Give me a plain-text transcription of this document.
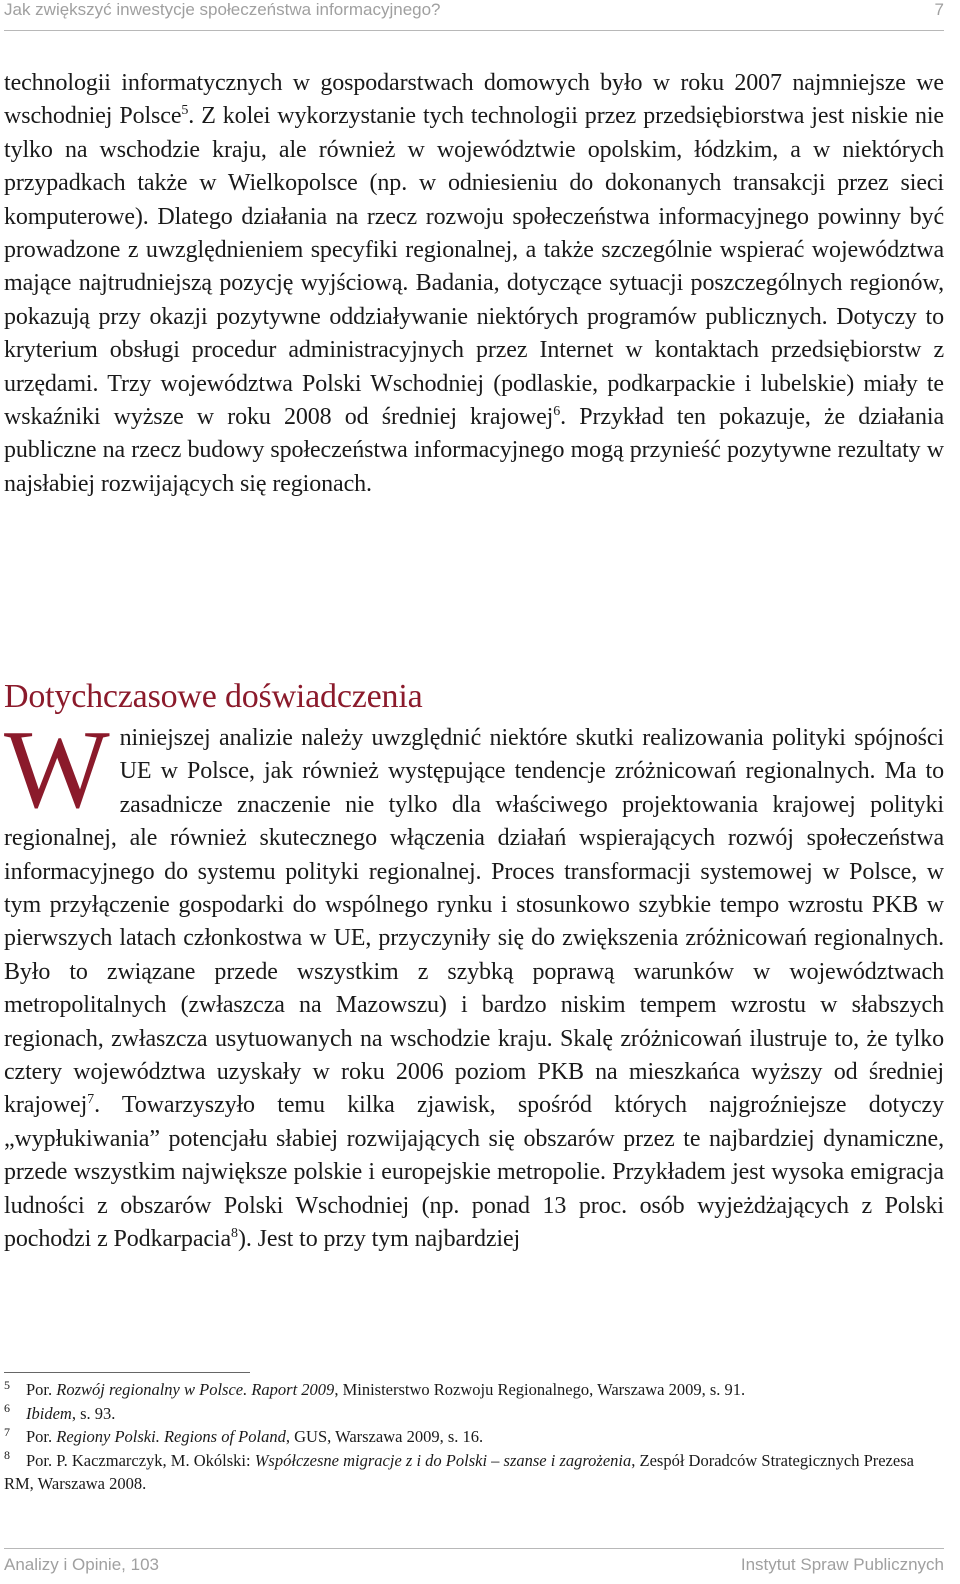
Jak zwiększyć inwestycje społeczeństwa informacyjnego?	7
technologii informatycznych w gospodarstwach domowych było w roku 2007 najmniejsze we wschodniej Polsce$^5$. Z kolei wykorzystanie tych technologii przez przedsiębiorstwa jest niskie nie tylko na wschodzie kraju, ale również w województwie opolskim, łódzkim, a w niektórych przypadkach także w Wielkopolsce (np. w odniesieniu do dokonanych transakcji przez sieci komputerowe). Dlatego działania na rzecz rozwoju społeczeństwa informacyjnego powinny być prowadzone z uwzględnieniem specyfiki regionalnej, a także szczególnie wspierać województwa mające najtrudniejszą pozycję wyjściową. Badania, dotyczące sytuacji poszczególnych regionów, pokazują przy okazji pozytywne oddziaływanie niektórych programów publicznych. Dotyczy to kryterium obsługi procedur administracyjnych przez Internet w kontaktach przedsiębiorstw z urzędami. Trzy województwa Polski Wschodniej (podlaskie, podkarpackie i lubelskie) miały te wskaźniki wyższe w roku 2008 od średniej krajowej$^6$. Przykład ten pokazuje, że działania publiczne na rzecz budowy społeczeństwa informacyjnego mogą przynieść pozytywne rezultaty w najsłabiej rozwijających się regionach.
Dotychczasowe doświadczenia
Wniniejszej analizie należy uwzględnić niektóre skutki realizowania polityki spójności UE w Polsce, jak również występujące tendencje zróżnicowań regionalnych. Ma to zasadnicze znaczenie nie tylko dla właściwego projektowania krajowej polityki regionalnej, ale również skutecznego włączenia działań wspierających rozwój społeczeństwa informacyjnego do systemu polityki regionalnej. Proces transformacji systemowej w Polsce, w tym przyłączenie gospodarki do wspólnego rynku i stosunkowo szybkie tempo wzrostu PKB w pierwszych latach członkostwa w UE, przyczyniły się do zwiększenia zróżnicowań regionalnych. Było to związane przede wszystkim z szybką poprawą warunków w województwach metropolitalnych (zwłaszcza na Mazowszu) i bardzo niskim tempem wzrostu w słabszych regionach, zwłaszcza usytuowanych na wschodzie kraju. Skalę zróżnicowań ilustruje to, że tylko cztery województwa uzyskały w roku 2006 poziom PKB na mieszkańca wyższy od średniej krajowej$^7$. Towarzyszyło temu kilka zjawisk, spośród których najgroźniejsze dotyczy „wypłukiwania” potencjału słabiej rozwijających się obszarów przez te najbardziej dynamiczne, przede wszystkim największe polskie i europejskie metropolie. Przykładem jest wysoka emigracja ludności z obszarów Polski Wschodniej (np. ponad 13 proc. osób wyjeżdżających z Polski pochodzi z Podkarpacia$^8$). Jest to przy tym najbardziej

5 Por. Rozwój regionalny w Polsce. Raport 2009, Ministerstwo Rozwoju Regionalnego, Warszawa 2009, s. 91.

6 Ibidem, s. 93.

7 Por. Regiony Polski. Regions of Poland, GUS, Warszawa 2009, s. 16.

8 Por. P. Kaczmarczyk, M. Okólski: Współczesne migracje z i do Polski – szanse i zagrożenia, Zespół Doradców Strategicznych Prezesa RM, Warszawa 2008.

Analizy i Opinie, 103	Instytut Spraw Publicznych
